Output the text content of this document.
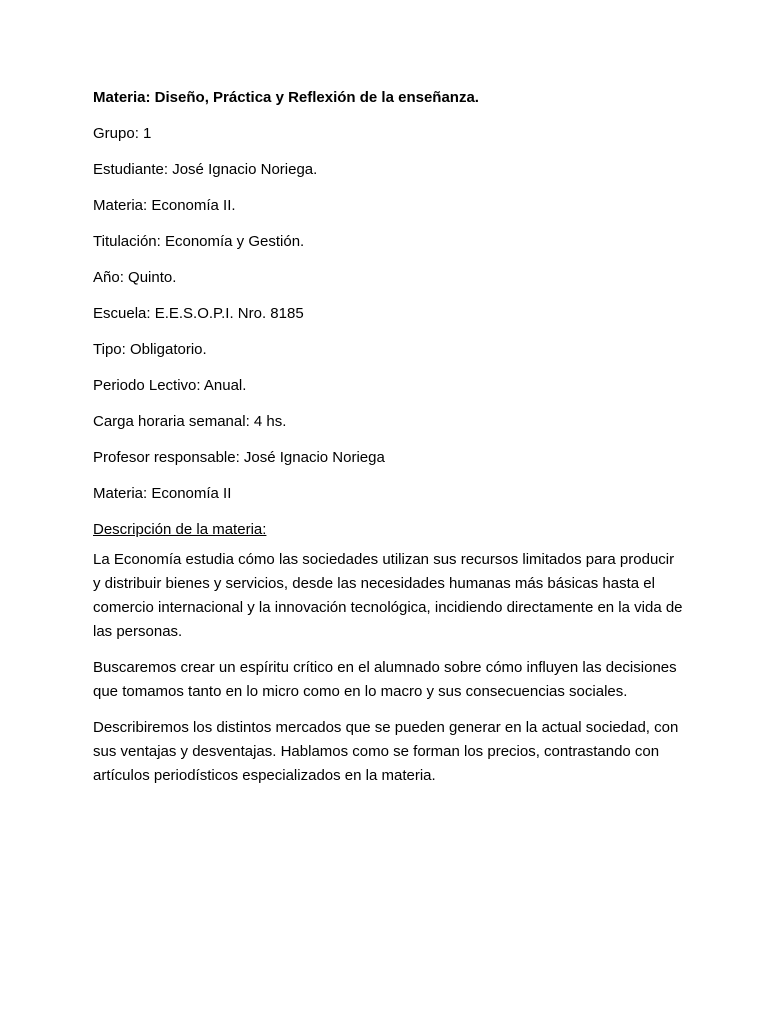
Materia: Diseño, Práctica y Reflexión de la enseñanza.
Grupo: 1
Estudiante: José Ignacio Noriega.
Materia: Economía II.
Titulación: Economía y Gestión.
Año: Quinto.
Escuela: E.E.S.O.P.I. Nro. 8185
Tipo: Obligatorio.
Periodo Lectivo: Anual.
Carga horaria semanal: 4 hs.
Profesor responsable: José Ignacio Noriega
Materia: Economía II
Descripción de la materia:

La Economía estudia cómo las sociedades utilizan sus recursos limitados para producir y distribuir bienes y servicios, desde las necesidades humanas más básicas hasta el comercio internacional y la innovación tecnológica, incidiendo directamente en la vida de las personas.

Buscaremos crear un espíritu crítico en el alumnado sobre cómo influyen las decisiones que tomamos tanto en lo micro como en lo macro y sus consecuencias sociales.

Describiremos los distintos mercados que se pueden generar en la actual sociedad, con sus ventajas y desventajas. Hablamos como se forman los precios, contrastando con artículos periodísticos especializados en la materia.
